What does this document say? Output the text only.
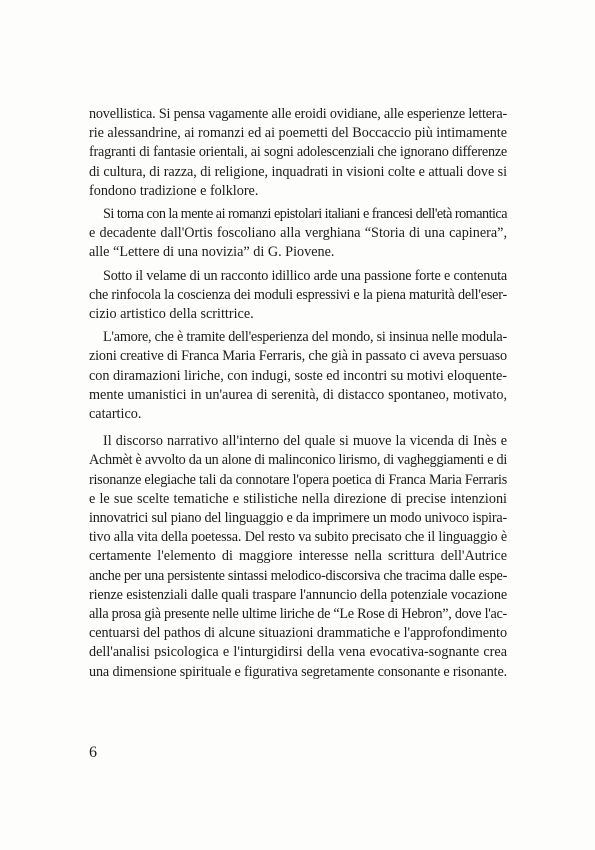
novellistica. Si pensa vagamente alle eroidi ovidiane, alle esperienze lettera-
rie alessandrine, ai romanzi ed ai poemetti del Boccaccio più intimamente
fragranti di fantasie orientali, ai sogni adolescenziali che ignorano differenze
di cultura, di razza, di religione, inquadrati in visioni colte e attuali dove si
fondono tradizione e folklore.
Si torna con la mente ai romanzi epistolari italiani e francesi dell'età romantica
e decadente dall'Ortis foscoliano alla verghiana “Storia di una capinera”,
alle “Lettere di una novizia” di G. Piovene.
Sotto il velame di un racconto idillico arde una passione forte e contenuta
che rinfocola la coscienza dei moduli espressivi e la piena maturità dell'eser-
cizio artistico della scrittrice.
L'amore, che è tramite dell'esperienza del mondo, si insinua nelle modula-
zioni creative di Franca Maria Ferraris, che già in passato ci aveva persuaso
con diramazioni liriche, con indugi, soste ed incontri su motivi eloquente-
mente umanistici in un'aurea di serenità, di distacco spontaneo, motivato,
catartico.
Il discorso narrativo all'interno del quale si muove la vicenda di Inès e
Achmèt è avvolto da un alone di malinconico lirismo, di vagheggiamenti e di
risonanze elegiache tali da connotare l'opera poetica di Franca Maria Ferraris
e le sue scelte tematiche e stilistiche nella direzione di precise intenzioni
innovatrici sul piano del linguaggio e da imprimere un modo univoco ispira-
tivo alla vita della poetessa. Del resto va subito precisato che il linguaggio è
certamente l'elemento di maggiore interesse nella scrittura dell'Autrice
anche per una persistente sintassi melodico-discorsiva che tracima dalle espe-
rienze esistenziali dalle quali traspare l'annuncio della potenziale vocazione
alla prosa già presente nelle ultime liriche de “Le Rose di Hebron”, dove l'ac-
centuarsi del pathos di alcune situazioni drammatiche e l'approfondimento
dell'analisi psicologica e l'inturgidirsi della vena evocativa-sognante crea
una dimensione spirituale e figurativa segretamente consonante e risonante.
6
